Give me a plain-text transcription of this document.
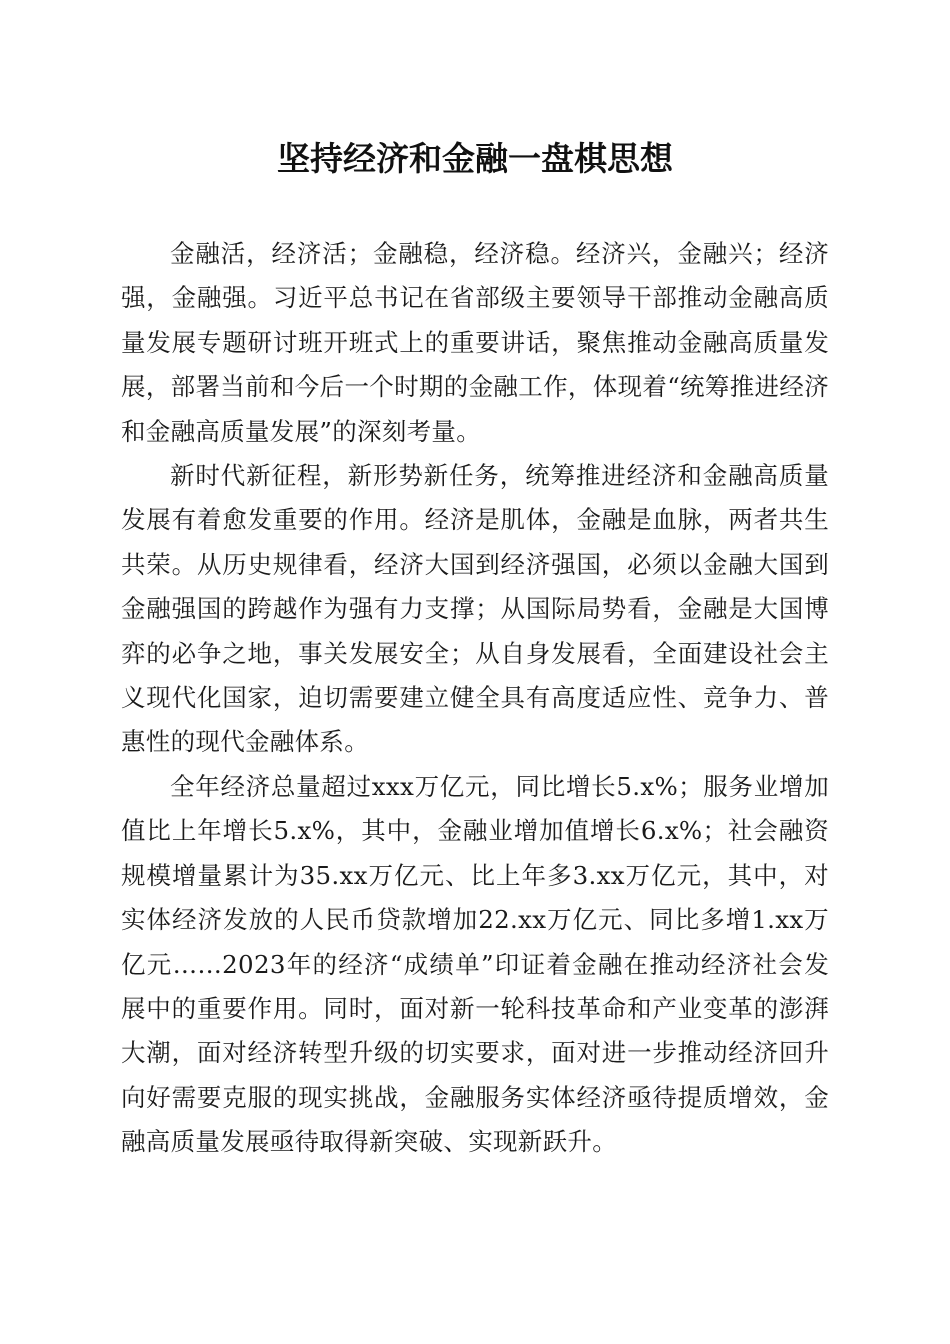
坚持经济和金融一盘棋思想

金融活，经济活；金融稳，经济稳。经济兴，金融兴；经济强，金融强。习近平总书记在省部级主要领导干部推动金融高质量发展专题研讨班开班式上的重要讲话，聚焦推动金融高质量发展，部署当前和今后一个时期的金融工作，体现着“统筹推进经济和金融高质量发展”的深刻考量。

新时代新征程，新形势新任务，统筹推进经济和金融高质量发展有着愈发重要的作用。经济是肌体，金融是血脉，两者共生共荣。从历史规律看，经济大国到经济强国，必须以金融大国到金融强国的跨越作为强有力支撑；从国际局势看，金融是大国博弈的必争之地，事关发展安全；从自身发展看，全面建设社会主义现代化国家，迫切需要建立健全具有高度适应性、竞争力、普惠性的现代金融体系。

全年经济总量超过xxx万亿元，同比增长5.x%；服务业增加值比上年增长5.x%，其中，金融业增加值增长6.x%；社会融资规模增量累计为35.xx万亿元、比上年多3.xx万亿元，其中，对实体经济发放的人民币贷款增加22.xx万亿元、同比多增1.xx万亿元……2023年的经济“成绩单”印证着金融在推动经济社会发展中的重要作用。同时，面对新一轮科技革命和产业变革的澎湃大潮，面对经济转型升级的切实要求，面对进一步推动经济回升向好需要克服的现实挑战，金融服务实体经济亟待提质增效，金融高质量发展亟待取得新突破、实现新跃升。
